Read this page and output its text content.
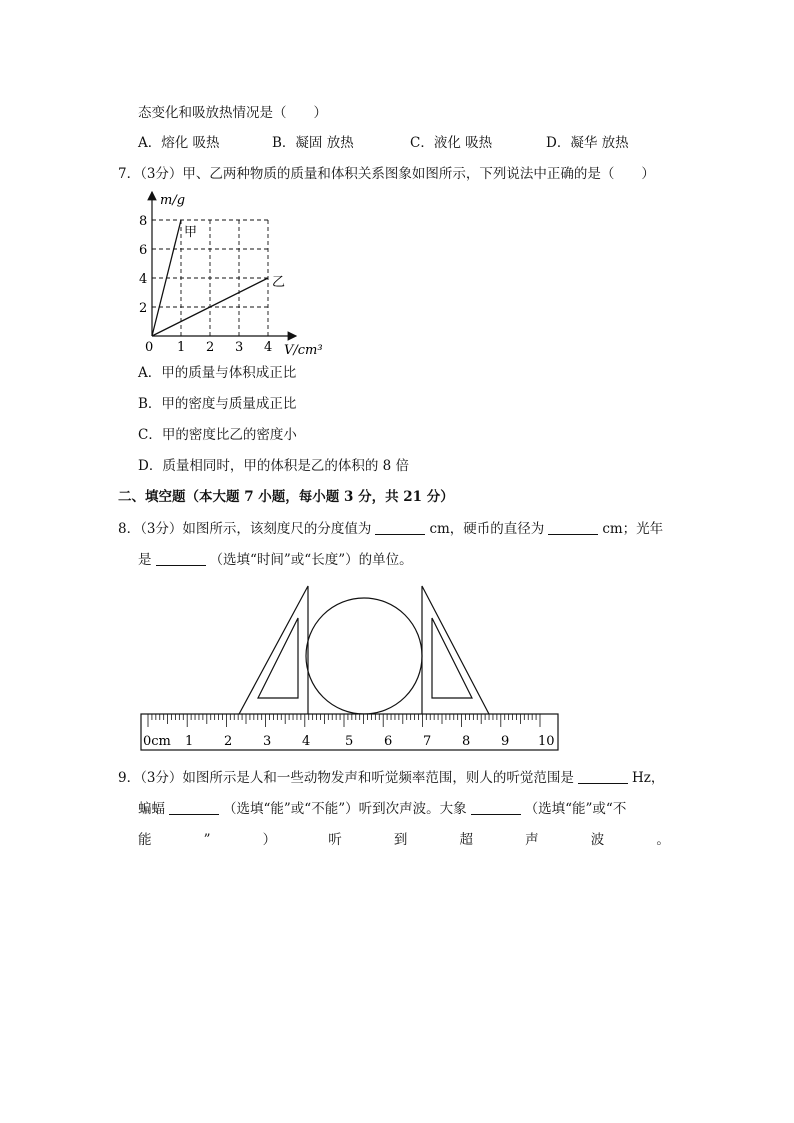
态变化和吸放热情况是（　　）
A．熔化 吸热	B．凝固 放热	C．液化 吸热	D．凝华 放热
7．（3分）甲、乙两种物质的质量和体积关系图象如图所示，下列说法中正确的是（　　）
2
4
6
8
1 2 3 4
m/g
V/cm³
0
甲
乙
A．甲的质量与体积成正比
B．甲的密度与质量成正比
C．甲的密度比乙的密度小
D．质量相同时，甲的体积是乙的体积的 8 倍
二、填空题（本大题 7 小题，每小题 3 分，共 21 分）
8．（3分）如图所示，该刻度尺的分度值为	cm，硬币的直径为	cm；光年
是	（选填“时间”或“长度”）的单位。
0cm 1 2 3 4	5 6 7 8 9 10
9．（3分）如图所示是人和一些动物发声和听觉频率范围，则人的听觉范围是	Hz，
蝙蝠	（选填“能”或“不能”）听到次声波。大象	（选填“能”或“不
能	”	）	听	到	超	声	波	。
